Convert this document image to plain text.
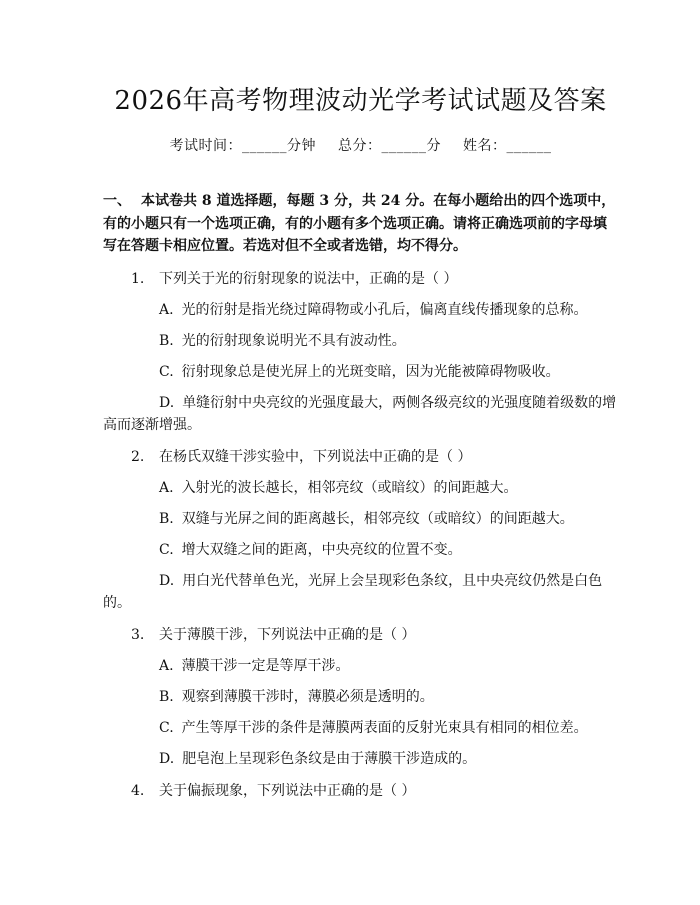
2026年高考物理波动光学考试试题及答案
考试时间：______分钟 总分：______分 姓名：______
一、 本试卷共 8 道选择题，每题 3 分，共 24 分。在每小题给出的四个选项中，有的小题只有一个选项正确，有的小题有多个选项正确。请将正确选项前的字母填写在答题卡相应位置。若选对但不全或者选错，均不得分。
1. 下列关于光的衍射现象的说法中，正确的是（ ）
A. 光的衍射是指光绕过障碍物或小孔后，偏离直线传播现象的总称。
B. 光的衍射现象说明光不具有波动性。
C. 衍射现象总是使光屏上的光斑变暗，因为光能被障碍物吸收。
D. 单缝衍射中央亮纹的光强度最大，两侧各级亮纹的光强度随着级数的增高而逐渐增强。
2. 在杨氏双缝干涉实验中，下列说法中正确的是（ ）
A. 入射光的波长越长，相邻亮纹（或暗纹）的间距越大。
B. 双缝与光屏之间的距离越长，相邻亮纹（或暗纹）的间距越大。
C. 增大双缝之间的距离，中央亮纹的位置不变。
D. 用白光代替单色光，光屏上会呈现彩色条纹，且中央亮纹仍然是白色的。
3. 关于薄膜干涉，下列说法中正确的是（ ）
A. 薄膜干涉一定是等厚干涉。
B. 观察到薄膜干涉时，薄膜必须是透明的。
C. 产生等厚干涉的条件是薄膜两表面的反射光束具有相同的相位差。
D. 肥皂泡上呈现彩色条纹是由于薄膜干涉造成的。
4. 关于偏振现象，下列说法中正确的是（ ）
